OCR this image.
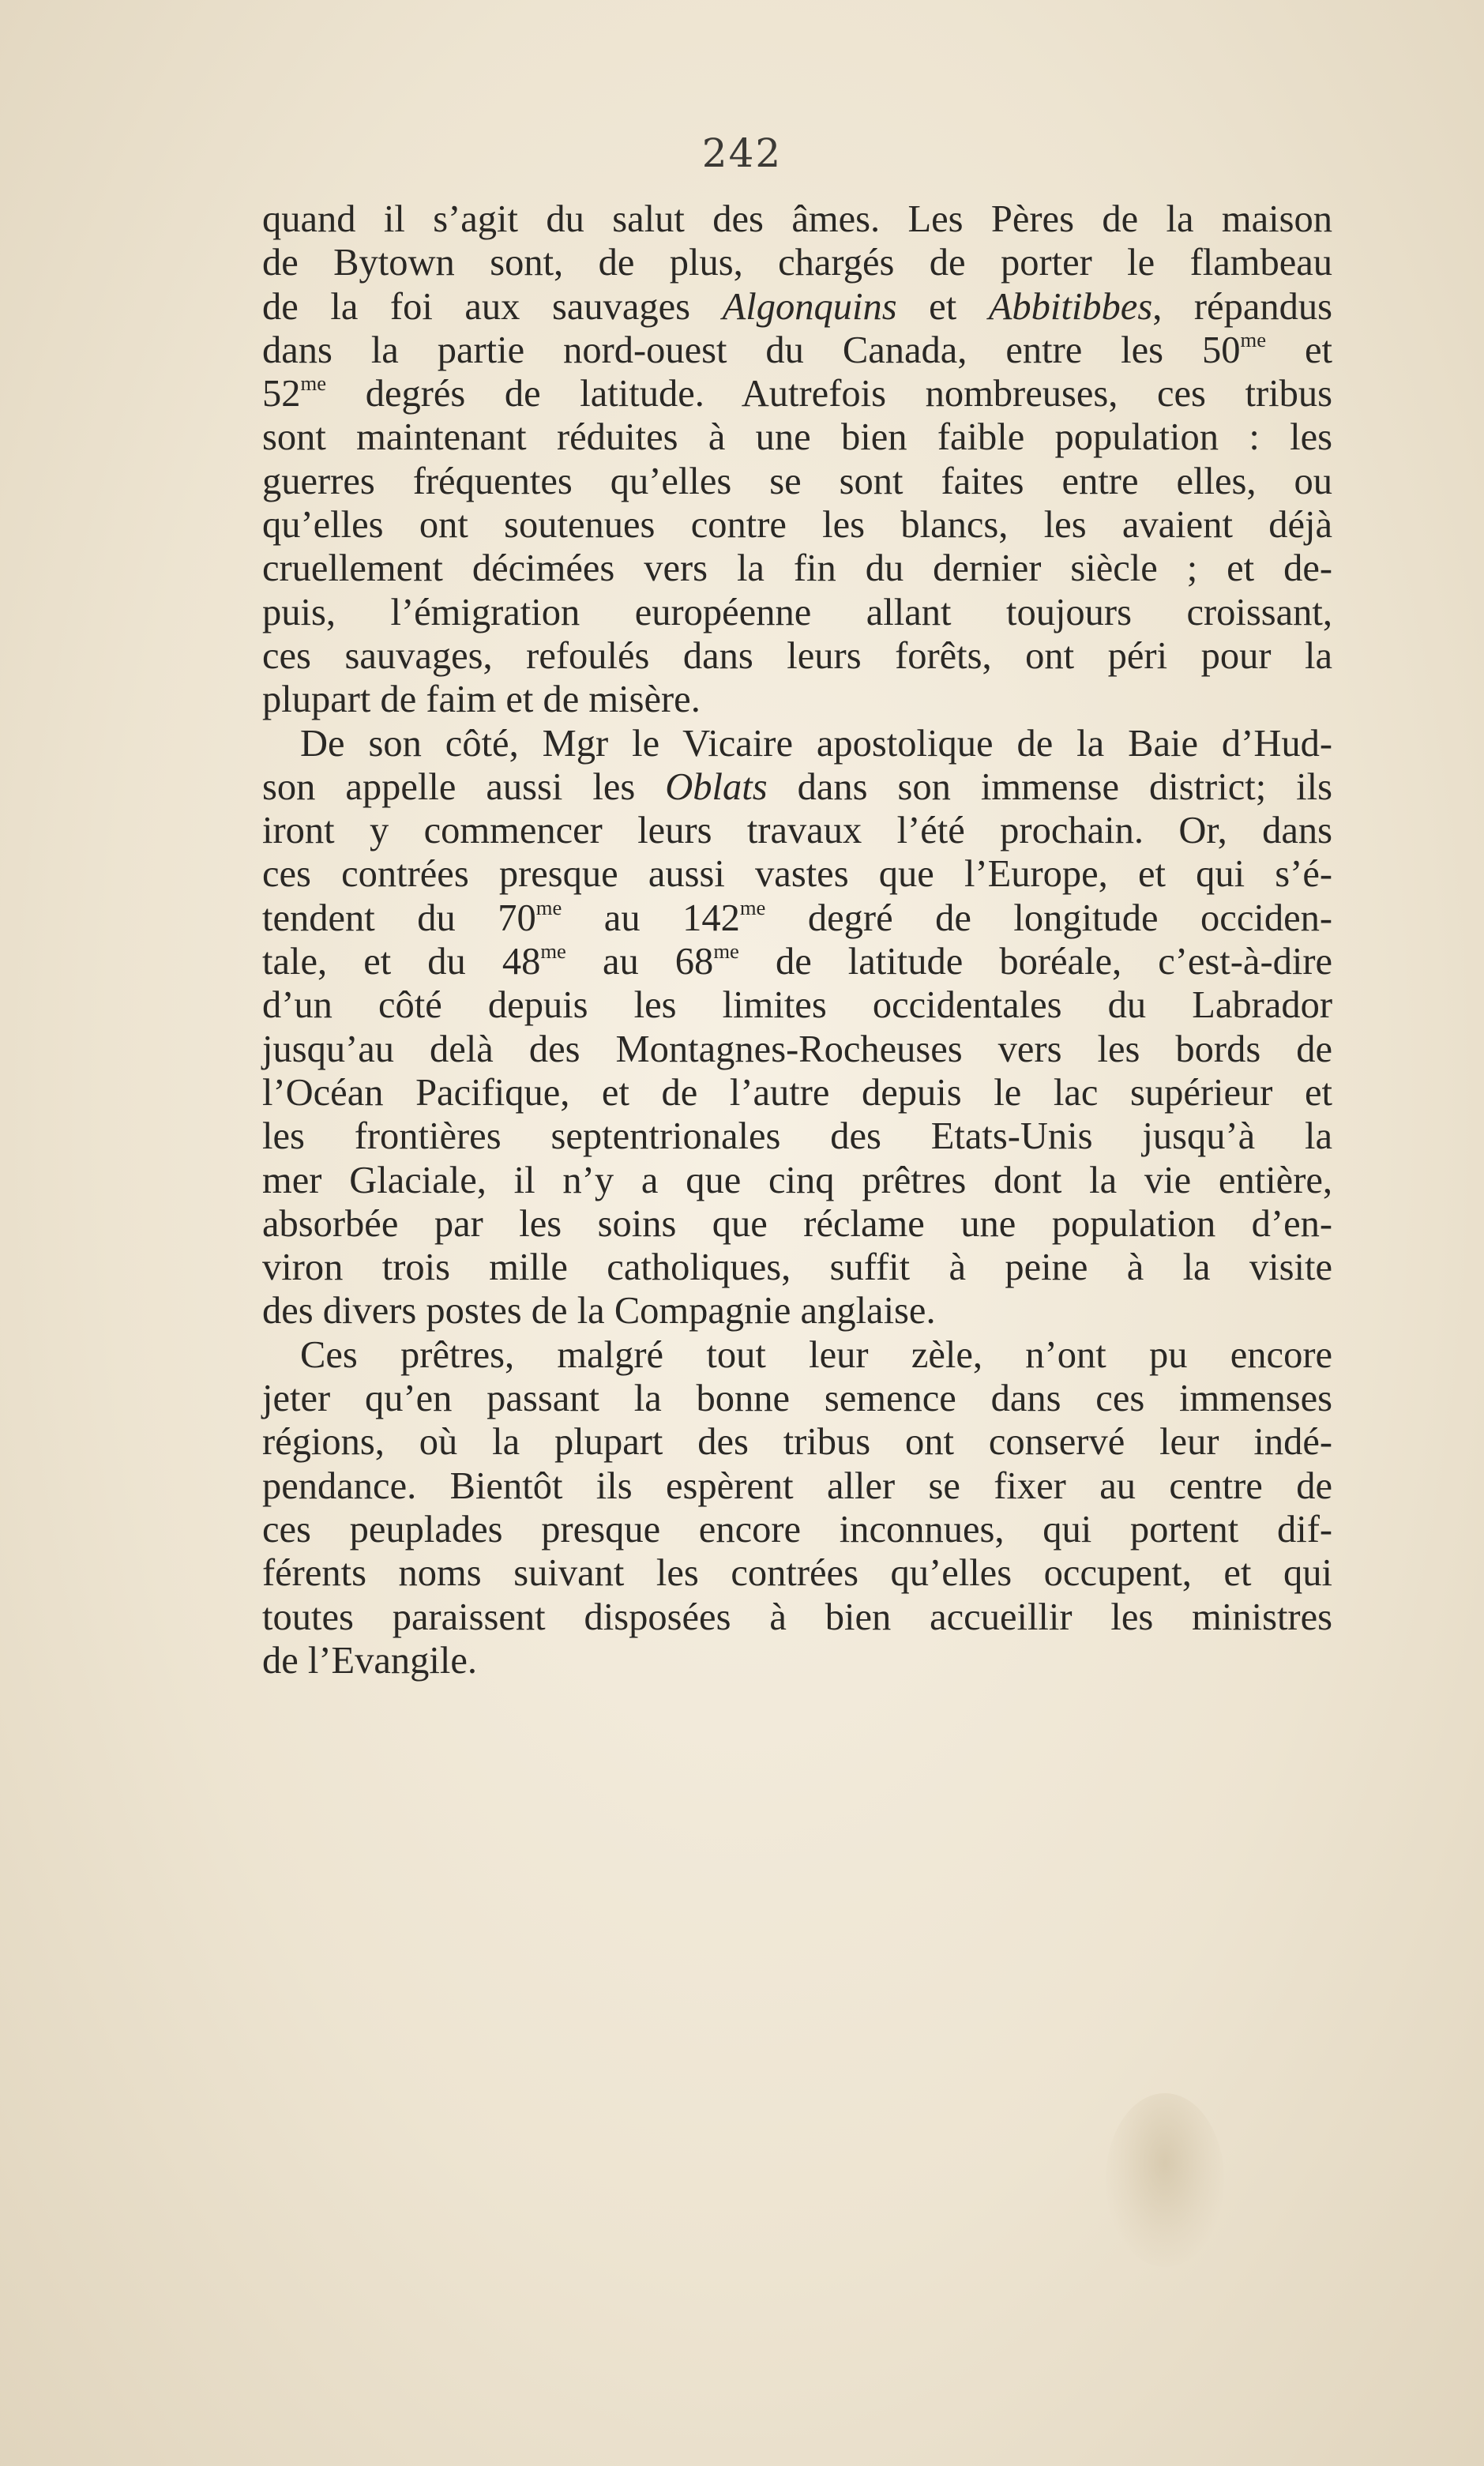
242
quand il s’agit du salut des âmes. Les Pères de la maison
de Bytown sont, de plus, chargés de porter le flambeau
de la foi aux sauvages Algonquins et Abbitibbes, répandus
dans la partie nord-ouest du Canada, entre les $50^{me}$ et
$52^{me}$ degrés de latitude. Autrefois nombreuses, ces tribus
sont maintenant réduites à une bien faible population : les
guerres fréquentes qu’elles se sont faites entre elles, ou
qu’elles ont soutenues contre les blancs, les avaient déjà
cruellement décimées vers la fin du dernier siècle ; et de-
puis, l’émigration européenne allant toujours croissant,
ces sauvages, refoulés dans leurs forêts, ont péri pour la
plupart de faim et de misère.
De son côté, Mgr le Vicaire apostolique de la Baie d’Hud-
son appelle aussi les Oblats dans son immense district; ils
iront y commencer leurs travaux l’été prochain. Or, dans
ces contrées presque aussi vastes que l’Europe, et qui s’é-
tendent du $70^{me}$ au $142^{me}$ degré de longitude occiden-
tale, et du $48^{me}$ au $68^{me}$ de latitude boréale, c’est-à-dire
d’un côté depuis les limites occidentales du Labrador
jusqu’au delà des Montagnes-Rocheuses vers les bords de
l’Océan Pacifique, et de l’autre depuis le lac supérieur et
les frontières septentrionales des Etats-Unis jusqu’à la
mer Glaciale, il n’y a que cinq prêtres dont la vie entière,
absorbée par les soins que réclame une population d’en-
viron trois mille catholiques, suffit à peine à la visite
des divers postes de la Compagnie anglaise.
Ces prêtres, malgré tout leur zèle, n’ont pu encore
jeter qu’en passant la bonne semence dans ces immenses
régions, où la plupart des tribus ont conservé leur indé-
pendance. Bientôt ils espèrent aller se fixer au centre de
ces peuplades presque encore inconnues, qui portent dif-
férents noms suivant les contrées qu’elles occupent, et qui
toutes paraissent disposées à bien accueillir les ministres
de l’Evangile.
